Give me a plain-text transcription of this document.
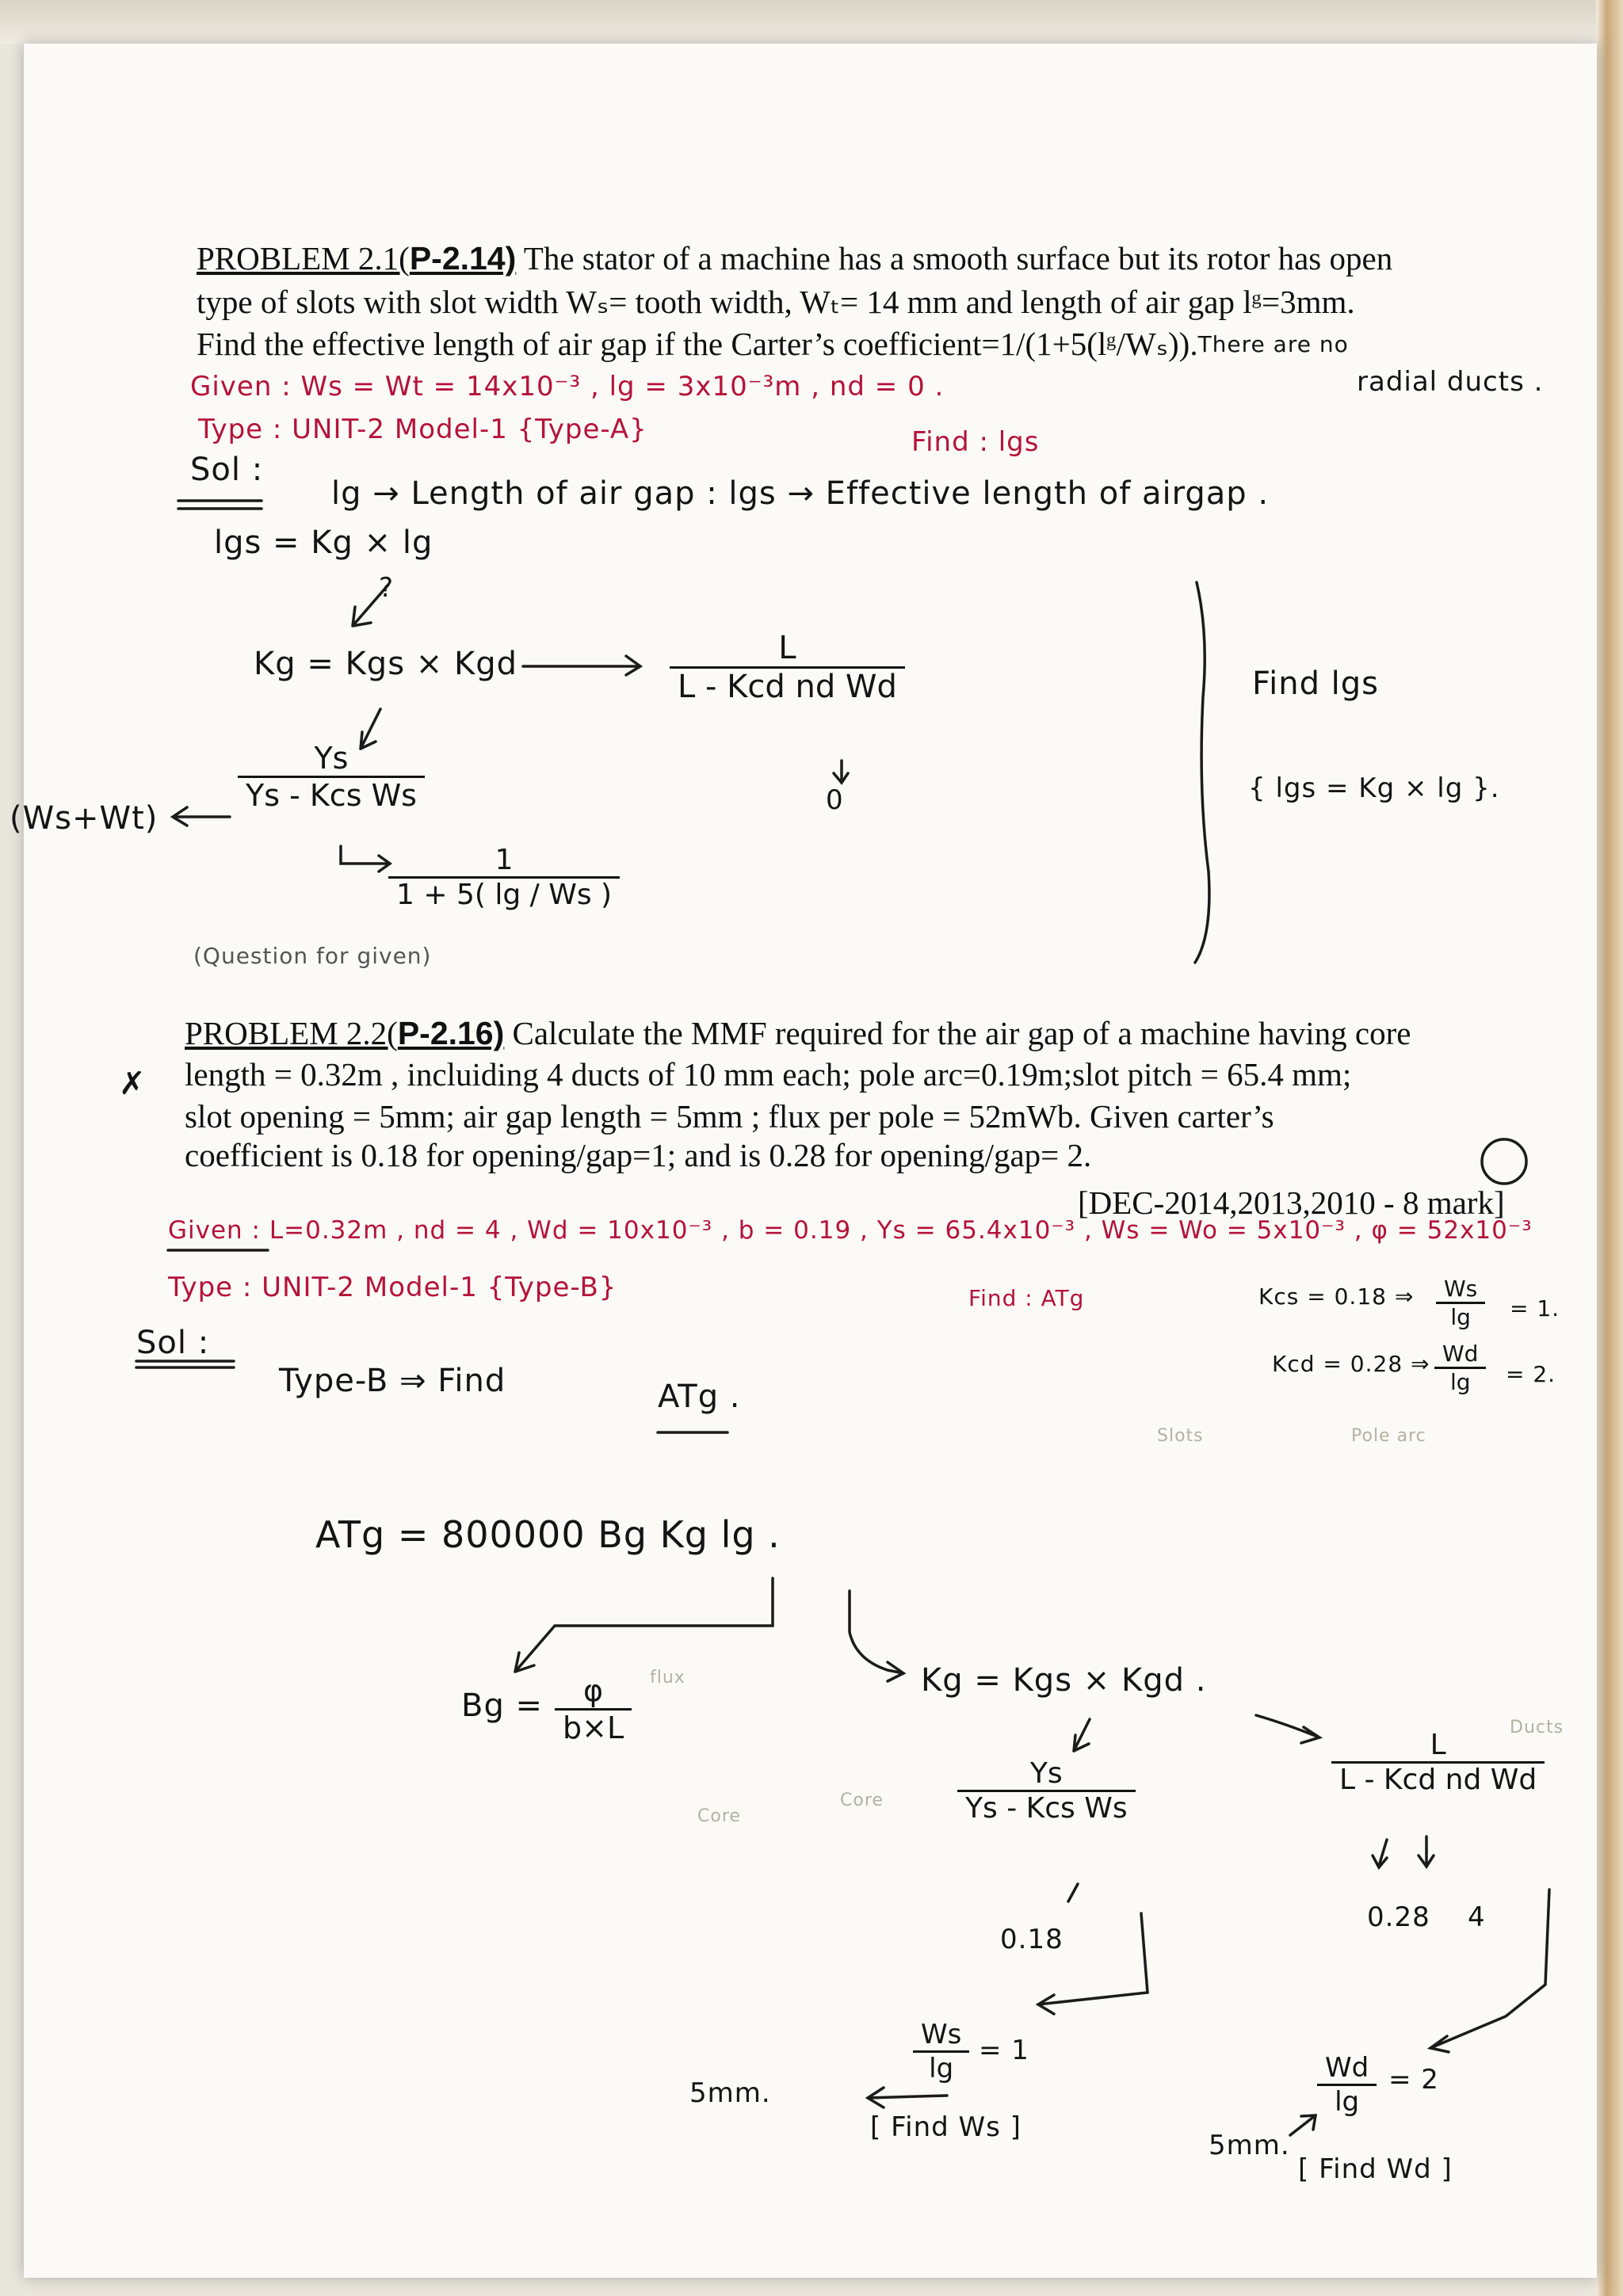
PROBLEM 2.1(P-2.14) The stator of a machine has a smooth surface but its rotor has open
type of slots with slot width Wₛ= tooth width, Wₜ= 14 mm and length of air gap lᵍ=3mm.
Find the effective length of air gap if the Carter’s coefficient=1/(1+5(lᵍ/Wₛ)).There are no
radial ducts .
Given : Ws = Wt = 14x10⁻³ , lg = 3x10⁻³m , nd = 0 .
Type : UNIT-2 Model-1 {Type-A}	Find : lgs
Sol :
lg → Length of air gap : lgs → Effective length of airgap .
lgs = Kg × lg
?
Kg = Kgs × Kgd	L
L - Kcd nd Wd
0
Ys
Ys - Kcs Ws
(Ws+Wt)
$\frac{1}{1 + 5( \lg / Ws )}$
(Question for given)
Find lgs
{ lgs = Kg × lg }.
PROBLEM 2.2(P-2.16) Calculate the MMF required for the air gap of a machine having core
length = 0.32m , incluiding 4 ducts of 10 mm each; pole arc=0.19m;slot pitch = 65.4 mm;
slot opening = 5mm; air gap length = 5mm ; flux per pole = 52mWb. Given carter’s
coefficient is 0.18 for opening/gap=1; and is 0.28 for opening/gap= 2.
✗
[DEC-2014,2013,2010 - 8 mark]
Given : L=0.32m , nd = 4 , Wd = 10x10⁻³ , b = 0.19 , Ys = 65.4x10⁻³ , Ws = Wo = 5x10⁻³ , φ = 52x10⁻³
Type : UNIT-2 Model-1 {Type-B}	Find : ATg	Kcs = 0.18 ⇒ $\frac{Ws}{\lg} = 1$.
Kcd = 0.28 ⇒ $\frac{Wd}{\lg} = 2$.
Sol :
Type-B ⇒ Find	ATg .
ATg = 800000 Bg Kg lg .
$Bg = \frac{\varphi}{b\times L}$	Kg = Kgs × Kgd .
Ys
Ys - Kcs Ws
L
L - Kcd nd Wd
0.18
0.28 4
$\frac{Ws}{\lg} = 1$
[ Find Ws ]
5mm.	$\frac{Wd}{\lg} = 2$
[ Find Wd ]
5mm.
Slots	Pole arc
Core
Ducts
flux
Core
